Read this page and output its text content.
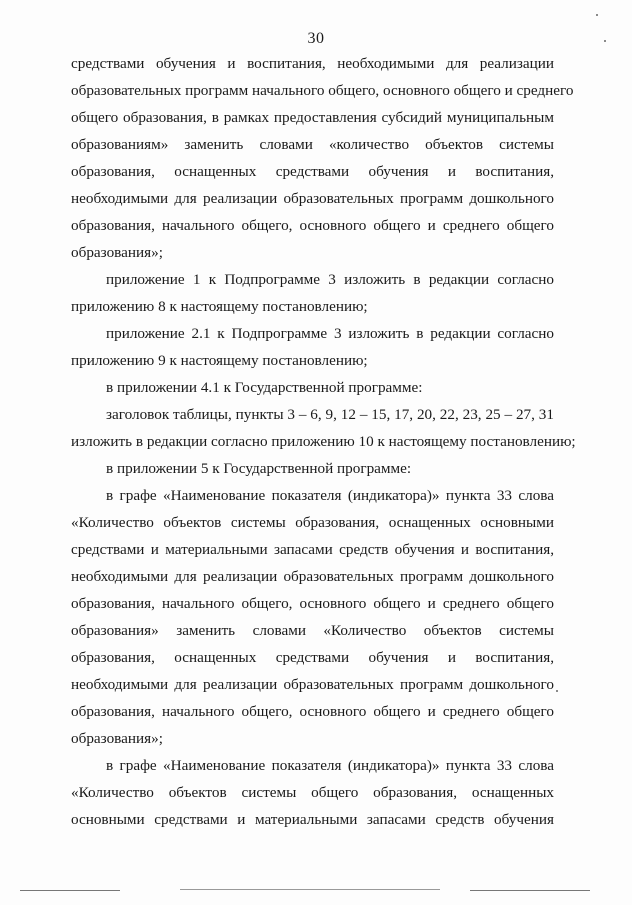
30
средствами обучения и воспитания, необходимыми для реализации
образовательных программ начального общего, основного общего и среднего
общего образования, в рамках предоставления субсидий муниципальным
образованиям» заменить словами «количество объектов системы
образования, оснащенных средствами обучения и воспитания,
необходимыми для реализации образовательных программ дошкольного
образования, начального общего, основного общего и среднего общего
образования»;
приложение 1 к Подпрограмме 3 изложить в редакции согласно
приложению 8 к настоящему постановлению;
приложение 2.1 к Подпрограмме 3 изложить в редакции согласно
приложению 9 к настоящему постановлению;
в приложении 4.1 к Государственной программе:
заголовок таблицы, пункты 3 – 6, 9, 12 – 15, 17, 20, 22, 23, 25 – 27, 31
изложить в редакции согласно приложению 10 к настоящему постановлению;
в приложении 5 к Государственной программе:
в графе «Наименование показателя (индикатора)» пункта 33 слова
«Количество объектов системы образования, оснащенных основными
средствами и материальными запасами средств обучения и воспитания,
необходимыми для реализации образовательных программ дошкольного
образования, начального общего, основного общего и среднего общего
образования» заменить словами «Количество объектов системы
образования, оснащенных средствами обучения и воспитания,
необходимыми для реализации образовательных программ дошкольного
образования, начального общего, основного общего и среднего общего
образования»;
в графе «Наименование показателя (индикатора)» пункта 33 слова
«Количество объектов системы общего образования, оснащенных
основными средствами и материальными запасами средств обучения
